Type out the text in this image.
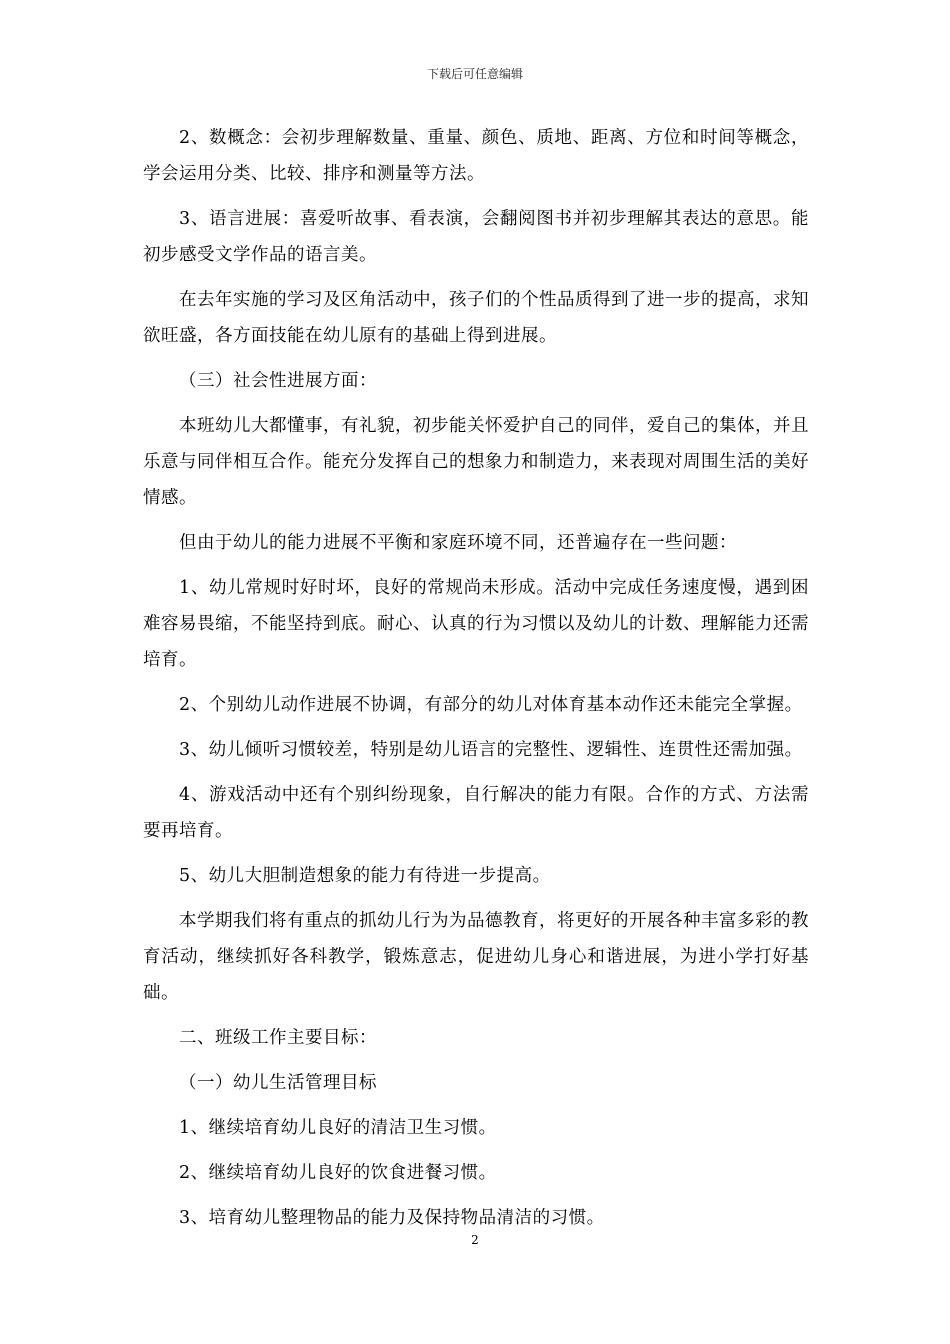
下载后可任意编辑

2、数概念：会初步理解数量、重量、颜色、质地、距离、方位和时间等概念，学会运用分类、比较、排序和测量等方法。

3、语言进展：喜爱听故事、看表演，会翻阅图书并初步理解其表达的意思。能初步感受文学作品的语言美。

在去年实施的学习及区角活动中，孩子们的个性品质得到了进一步的提高，求知欲旺盛，各方面技能在幼儿原有的基础上得到进展。

（三）社会性进展方面：

本班幼儿大都懂事，有礼貌，初步能关怀爱护自己的同伴，爱自己的集体，并且乐意与同伴相互合作。能充分发挥自己的想象力和制造力，来表现对周围生活的美好情感。

但由于幼儿的能力进展不平衡和家庭环境不同，还普遍存在一些问题：

1、幼儿常规时好时坏，良好的常规尚未形成。活动中完成任务速度慢，遇到困难容易畏缩，不能坚持到底。耐心、认真的行为习惯以及幼儿的计数、理解能力还需培育。

2、个别幼儿动作进展不协调，有部分的幼儿对体育基本动作还未能完全掌握。

3、幼儿倾听习惯较差，特别是幼儿语言的完整性、逻辑性、连贯性还需加强。

4、游戏活动中还有个别纠纷现象，自行解决的能力有限。合作的方式、方法需要再培育。

5、幼儿大胆制造想象的能力有待进一步提高。

本学期我们将有重点的抓幼儿行为为品德教育，将更好的开展各种丰富多彩的教育活动，继续抓好各科教学，锻炼意志，促进幼儿身心和谐进展，为进小学打好基础。

二、班级工作主要目标：

（一）幼儿生活管理目标

1、继续培育幼儿良好的清洁卫生习惯。

2、继续培育幼儿良好的饮食进餐习惯。

3、培育幼儿整理物品的能力及保持物品清洁的习惯。

2
